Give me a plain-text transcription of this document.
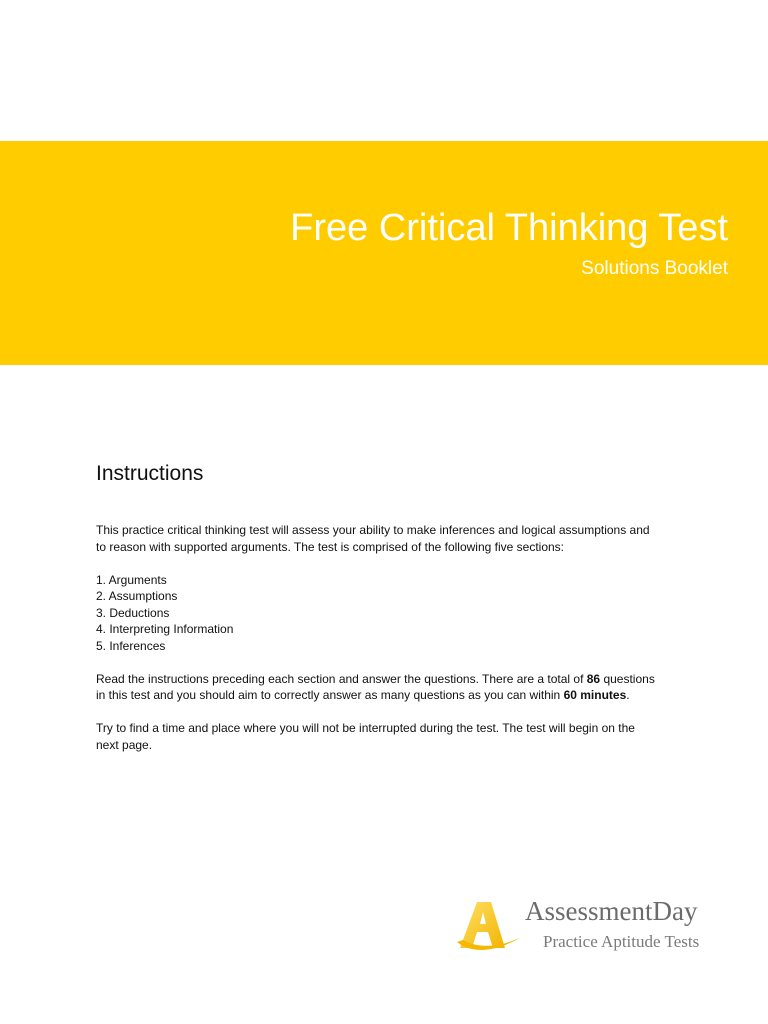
Free Critical Thinking Test
Solutions Booklet
Instructions

This practice critical thinking test will assess your ability to make inferences and logical assumptions and to reason with supported arguments. The test is comprised of the following five sections:

1. Arguments
2. Assumptions
3. Deductions
4. Interpreting Information
5. Inferences

Read the instructions preceding each section and answer the questions. There are a total of 86 questions in this test and you should aim to correctly answer as many questions as you can within 60 minutes.

Try to find a time and place where you will not be interrupted during the test. The test will begin on the next page.

AssessmentDay
Practice Aptitude Tests
